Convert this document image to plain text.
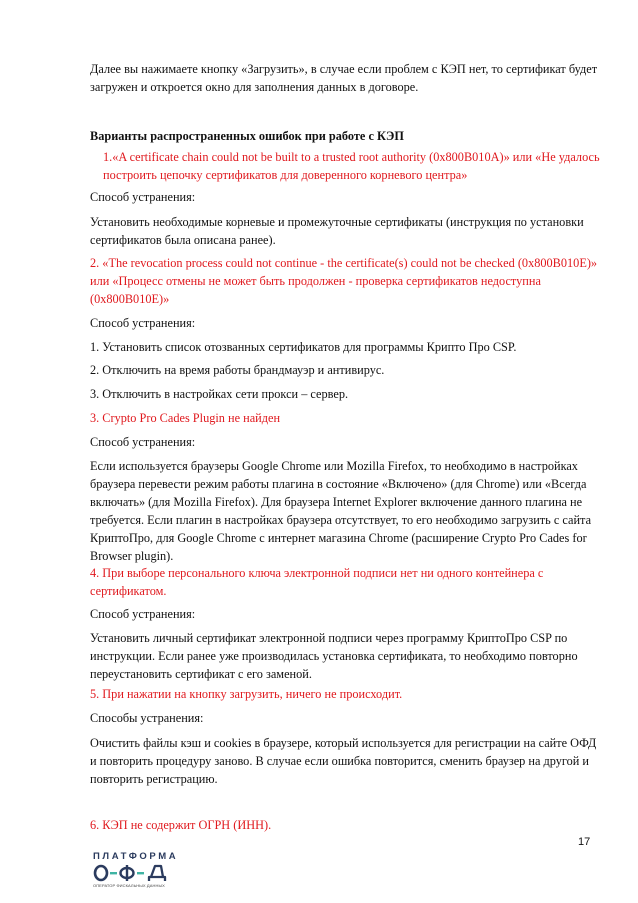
Далее вы нажимаете кнопку «Загрузить», в случае если проблем с КЭП нет, то сертификат будет загружен и откроется окно для заполнения данных в договоре.

Варианты распространенных ошибок при работе с КЭП

1.«A certificate chain could not be built to a trusted root authority (0x800B010A)» или «Не удалось построить цепочку сертификатов для доверенного корневого центра»

Способ устранения:

Установить необходимые корневые и промежуточные сертификаты (инструкция по установки сертификатов была описана ранее).

2. «The revocation process could not continue - the certificate(s) could not be checked (0x800B010E)» или «Процесс отмены не может быть продолжен - проверка сертификатов недоступна (0x800B010E)»

Способ устранения:

1. Установить список отозванных сертификатов для программы Крипто Про CSP.

2. Отключить на время работы брандмауэр и антивирус.

3. Отключить в настройках сети прокси – сервер.

3. Crypto Pro Cades Plugin не найден

Способ устранения:

Если используется браузеры Google Chrome или Mozilla Firefox, то необходимо в настройках браузера перевести режим работы плагина в состояние «Включено» (для Chrome) или «Всегда включать» (для Mozilla Firefox). Для браузера Internet Explorer включение данного плагина не требуется. Если плагин в настройках браузера отсутствует, то его необходимо загрузить с сайта КриптоПро, для Google Chrome с интернет магазина Chrome (расширение Crypto Pro Cades for Browser plugin).

4. При выборе персонального ключа электронной подписи нет ни одного контейнера с сертификатом.

Способ устранения:

Установить личный сертификат электронной подписи через программу КриптоПро CSP по инструкции. Если ранее уже производилась установка сертификата, то необходимо повторно переустановить сертификат с его заменой.

5. При нажатии на кнопку загрузить, ничего не происходит.

Способы устранения:

Очистить файлы кэш и cookies в браузере, который используется для регистрации на сайте ОФД и повторить процедуру заново. В случае если ошибка повторится, сменить браузер на другой и повторить регистрацию.

6. КЭП не содержит ОГРН (ИНН).

17
ПЛАТФОРМА
ОПЕРАТОР ФИСКАЛЬНЫХ ДАННЫХ
